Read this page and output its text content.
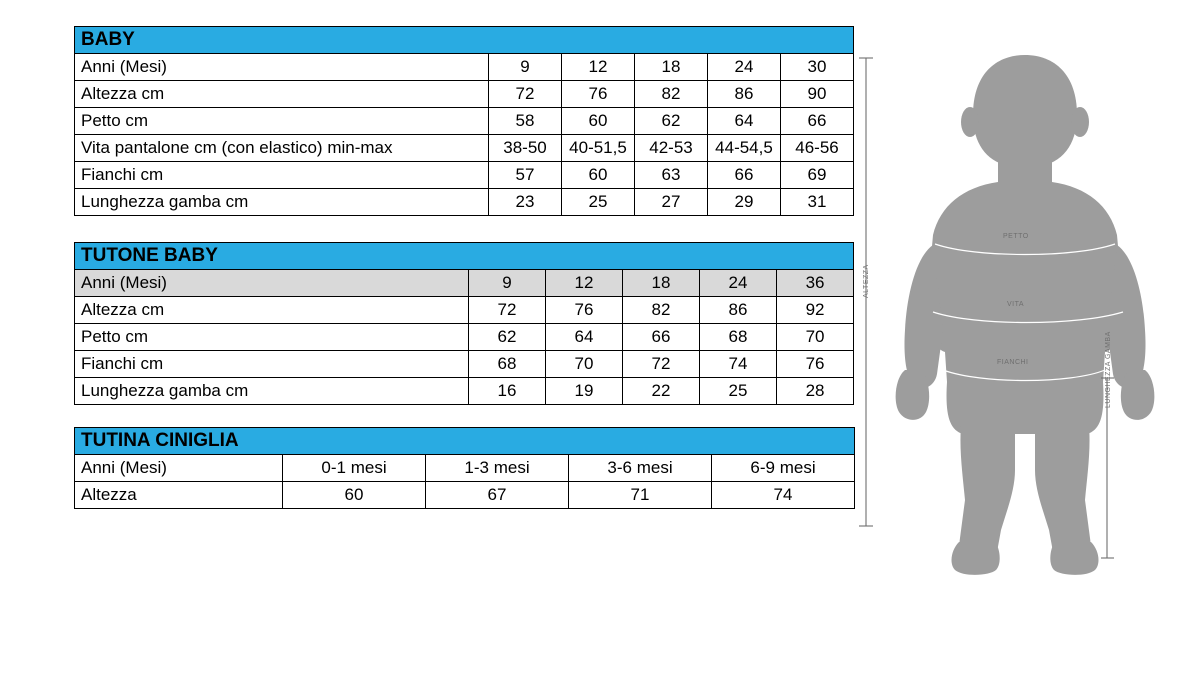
BABY					
Anni (Mesi)	9	12	18	24	30
Altezza cm	72	76	82	86	90
Petto cm	58	60	62	64	66
Vita pantalone cm (con elastico) min-max	38-50	40-51,5	42-53	44-54,5	46-56
Fianchi cm	57	60	63	66	69
Lunghezza gamba cm	23	25	27	29	31
TUTONE BABY					
Anni (Mesi)	9	12	18	24	36
Altezza cm	72	76	82	86	92
Petto cm	62	64	66	68	70
Fianchi cm	68	70	72	74	76
Lunghezza gamba cm	16	19	22	25	28
TUTINA CINIGLIA				
Anni (Mesi)	0-1 mesi	1-3 mesi	3-6 mesi	6-9 mesi
Altezza	60	67	71	74
ALTEZZA
PETTO
VITA
FIANCHI	LUNGHEZZA GAMBA
